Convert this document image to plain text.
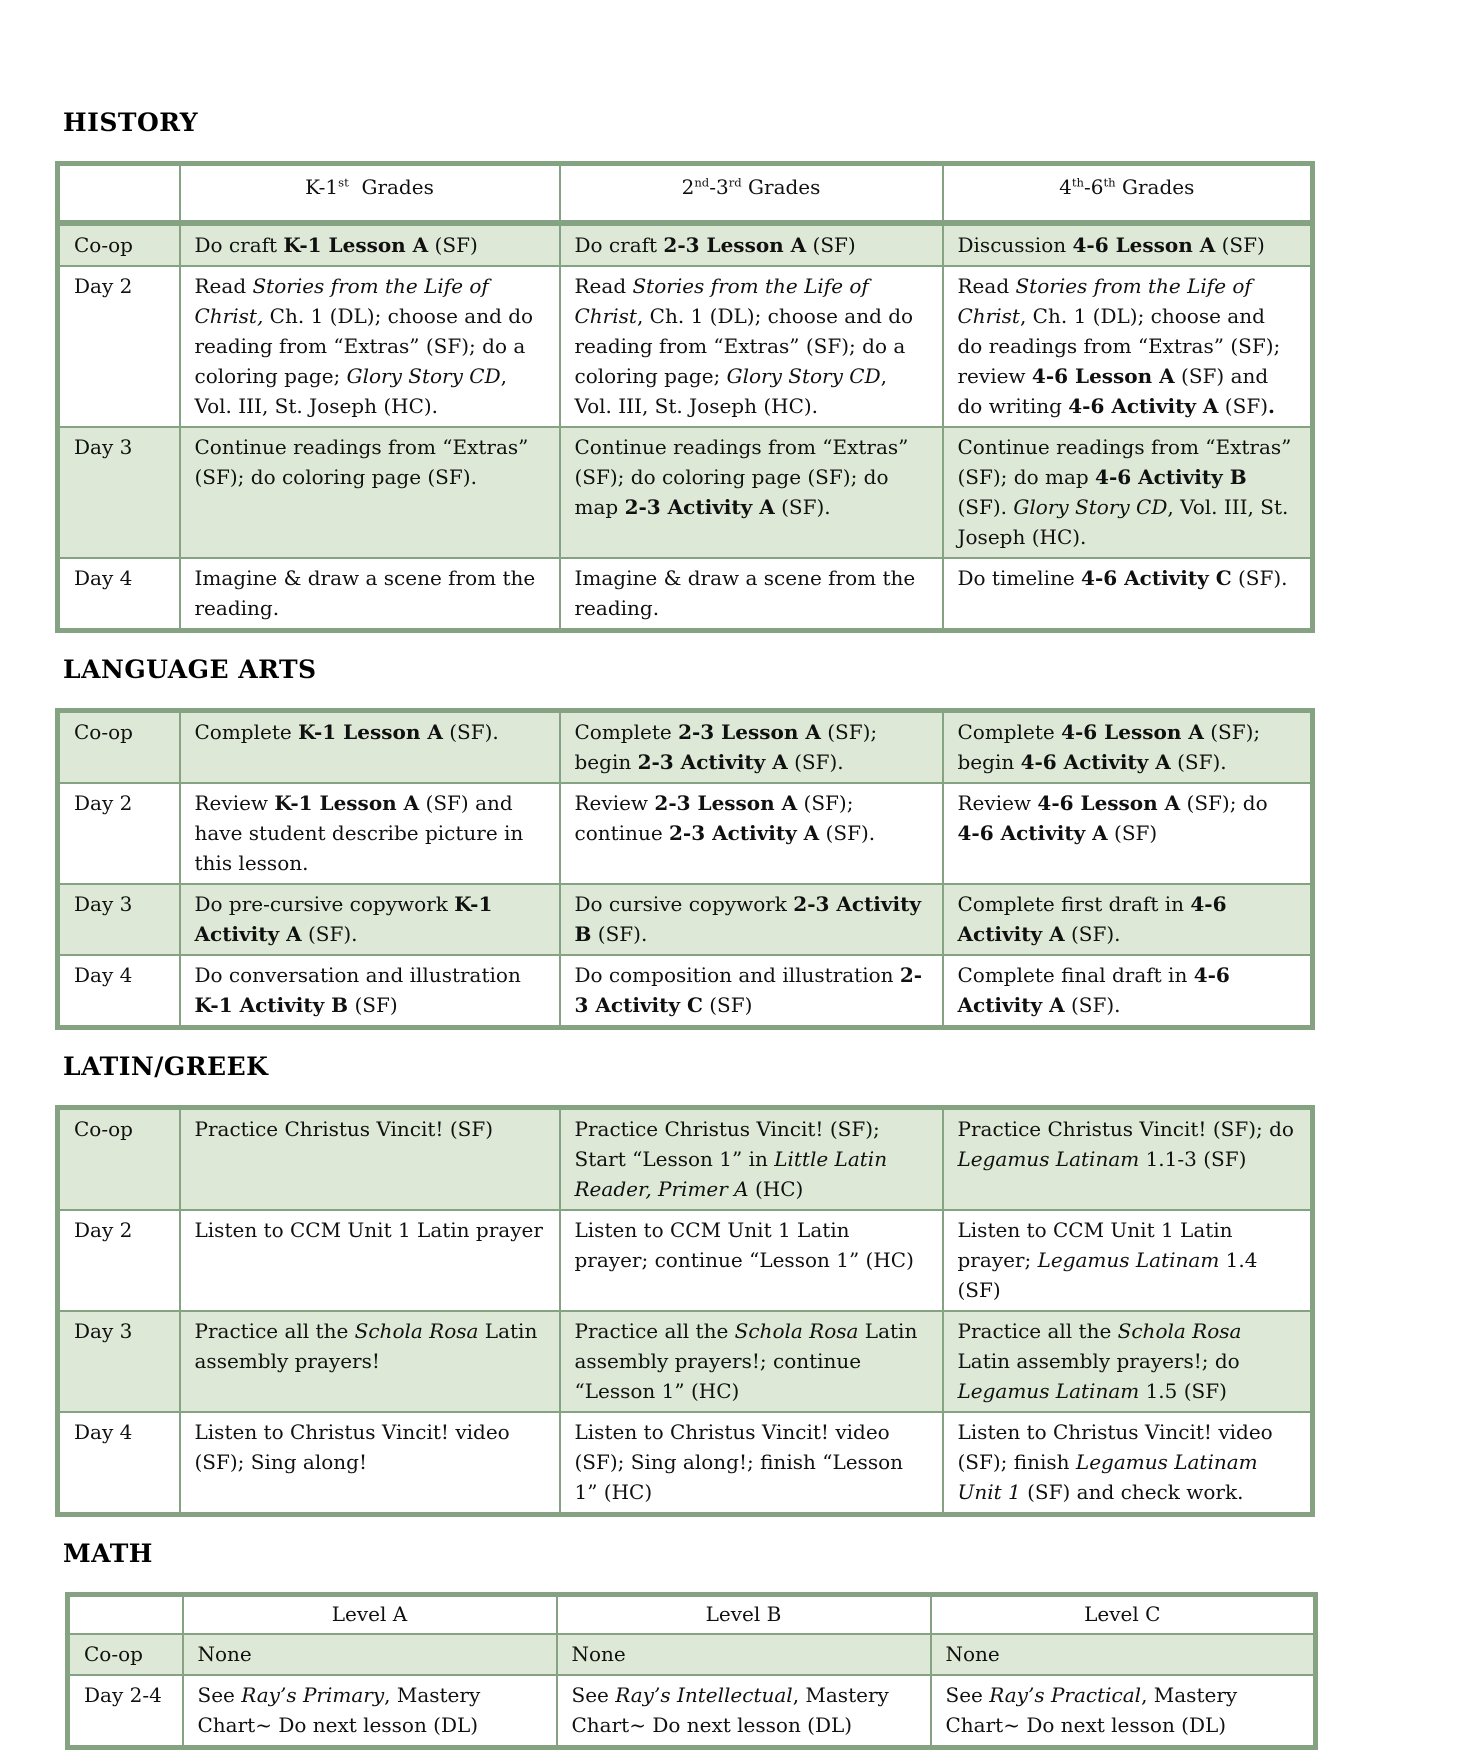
HISTORY
	K-1st  Grades	2nd-3rd Grades	4th-6th Grades
Co-op	Do craft K-1 Lesson A (SF)	Do craft 2-3 Lesson A (SF)	Discussion 4-6 Lesson A (SF)
Day 2	Read Stories from the Life of Christ, Ch. 1 (DL); choose and do reading from “Extras” (SF); do a coloring page; Glory Story CD, Vol. III, St. Joseph (HC).	Read Stories from the Life of Christ, Ch. 1 (DL); choose and do reading from “Extras” (SF); do a coloring page; Glory Story CD, Vol. III, St. Joseph (HC).	Read Stories from the Life of Christ, Ch. 1 (DL); choose and do readings from “Extras” (SF); review 4-6 Lesson A (SF) and do writing 4-6 Activity A (SF).
Day 3	Continue readings from “Extras” (SF); do coloring page (SF).	Continue readings from “Extras” (SF); do coloring page (SF); do map 2-3 Activity A (SF).	Continue readings from “Extras” (SF); do map 4-6 Activity B (SF). Glory Story CD, Vol. III, St. Joseph (HC).
Day 4	Imagine & draw a scene from the reading.	Imagine & draw a scene from the reading.	Do timeline 4-6 Activity C (SF).
LANGUAGE ARTS
Co-op	Complete K-1 Lesson A (SF).	Complete 2-3 Lesson A (SF); begin 2-3 Activity A (SF).	Complete 4-6 Lesson A (SF); begin 4-6 Activity A (SF).
Day 2	Review K-1 Lesson A (SF) and have student describe picture in this lesson.	Review 2-3 Lesson A (SF); continue 2-3 Activity A (SF).	Review 4-6 Lesson A (SF); do 4-6 Activity A (SF)
Day 3	Do pre-cursive copywork K-1 Activity A (SF).	Do cursive copywork 2-3 Activity B (SF).	Complete first draft in 4-6 Activity A (SF).
Day 4	Do conversation and illustration K-1 Activity B (SF)	Do composition and illustration 2-3 Activity C (SF)	Complete final draft in 4-6 Activity A (SF).
LATIN/GREEK
Co-op	Practice Christus Vincit! (SF)	Practice Christus Vincit! (SF); Start “Lesson 1” in Little Latin Reader, Primer A (HC)	Practice Christus Vincit! (SF); do Legamus Latinam 1.1-3 (SF)
Day 2	Listen to CCM Unit 1 Latin prayer	Listen to CCM Unit 1 Latin prayer; continue “Lesson 1” (HC)	Listen to CCM Unit 1 Latin prayer; Legamus Latinam 1.4 (SF)
Day 3	Practice all the Schola Rosa Latin assembly prayers!	Practice all the Schola Rosa Latin assembly prayers!; continue “Lesson 1” (HC)	Practice all the Schola Rosa Latin assembly prayers!; do Legamus Latinam 1.5 (SF)
Day 4	Listen to Christus Vincit! video (SF); Sing along!	Listen to Christus Vincit! video (SF); Sing along!; finish “Lesson 1” (HC)	Listen to Christus Vincit! video (SF); finish Legamus Latinam Unit 1 (SF) and check work.
MATH
	Level A	Level B	Level C
Co-op	None	None	None
Day 2-4	See Ray’s Primary, Mastery Chart~ Do next lesson (DL)	See Ray’s Intellectual, Mastery Chart~ Do next lesson (DL)	See Ray’s Practical, Mastery Chart~ Do next lesson (DL)
